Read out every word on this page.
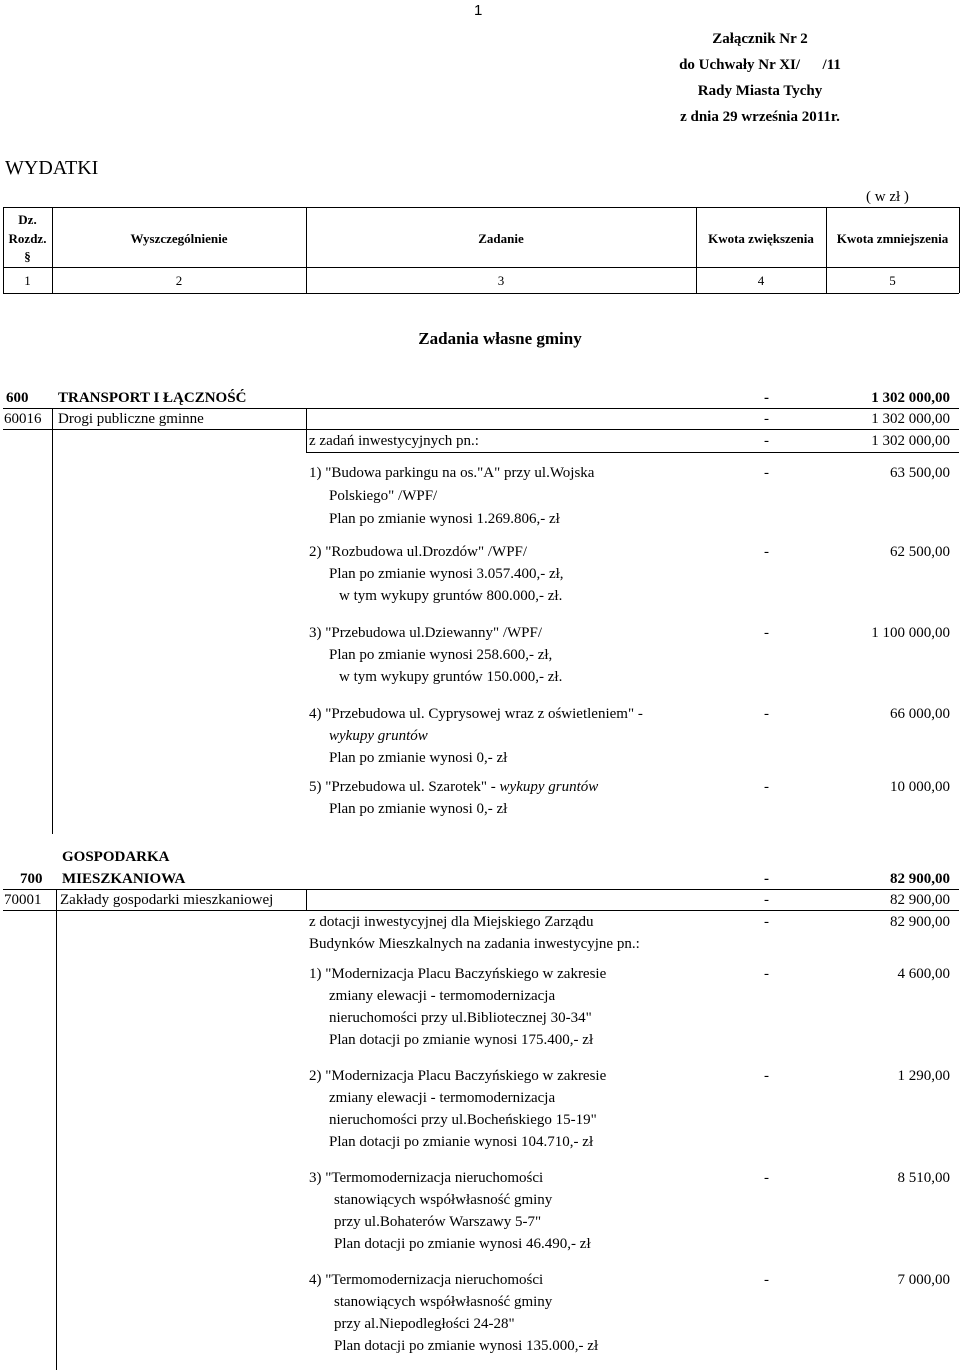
1
Załącznik Nr 2
do Uchwały Nr XI/      /11
Rady Miasta Tychy
z dnia 29 września 2011r.
WYDATKI
( w zł )
Dz.
Rozdz.
§
Wyszczególnienie	Zadanie	Kwota zwiększenia	Kwota zmniejszenia
1	2	3	4	5
Zadania własne gminy
600 TRANSPORT I ŁĄCZNOŚĆ	-	1 302 000,00
60016 Drogi publiczne gminne	-	1 302 000,00
z zadań inwestycyjnych pn.:	-	1 302 000,00
1) "Budowa parkingu na os."A" przy ul.Wojska
Polskiego" /WPF/
Plan po zmianie wynosi 1.269.806,- zł
-	63 500,00
2) "Rozbudowa ul.Drozdów" /WPF/
Plan po zmianie wynosi 3.057.400,- zł,
w tym wykupy gruntów 800.000,- zł.
-	62 500,00
3) "Przebudowa ul.Dziewanny" /WPF/
Plan po zmianie wynosi 258.600,- zł,
w tym wykupy gruntów 150.000,- zł.
-	1 100 000,00
4) "Przebudowa ul. Cyprysowej wraz z oświetleniem" -
wykupy gruntów
Plan po zmianie wynosi 0,- zł
-	66 000,00
5) "Przebudowa ul. Szarotek" - wykupy gruntów
Plan po zmianie wynosi 0,- zł
-	10 000,00
GOSPODARKA
700 MIESZKANIOWA	-	82 900,00
70001 Zakłady gospodarki mieszkaniowej	-	82 900,00
z dotacji inwestycyjnej dla Miejskiego Zarządu
Budynków Mieszkalnych na zadania inwestycyjne pn.:
-	82 900,00
1) "Modernizacja Placu Baczyńskiego w zakresie
zmiany elewacji - termomodernizacja
nieruchomości przy ul.Bibliotecznej 30-34"
Plan dotacji po zmianie wynosi 175.400,- zł
-	4 600,00
2) "Modernizacja Placu Baczyńskiego w zakresie
zmiany elewacji - termomodernizacja
nieruchomości przy ul.Bocheńskiego 15-19"
Plan dotacji po zmianie wynosi 104.710,- zł
-	1 290,00
3) "Termomodernizacja nieruchomości
stanowiących współwłasność gminy
przy ul.Bohaterów Warszawy 5-7"
Plan dotacji po zmianie wynosi 46.490,- zł
-	8 510,00
4) "Termomodernizacja nieruchomości
stanowiących współwłasność gminy
przy al.Niepodległości 24-28"
Plan dotacji po zmianie wynosi 135.000,- zł
-	7 000,00
